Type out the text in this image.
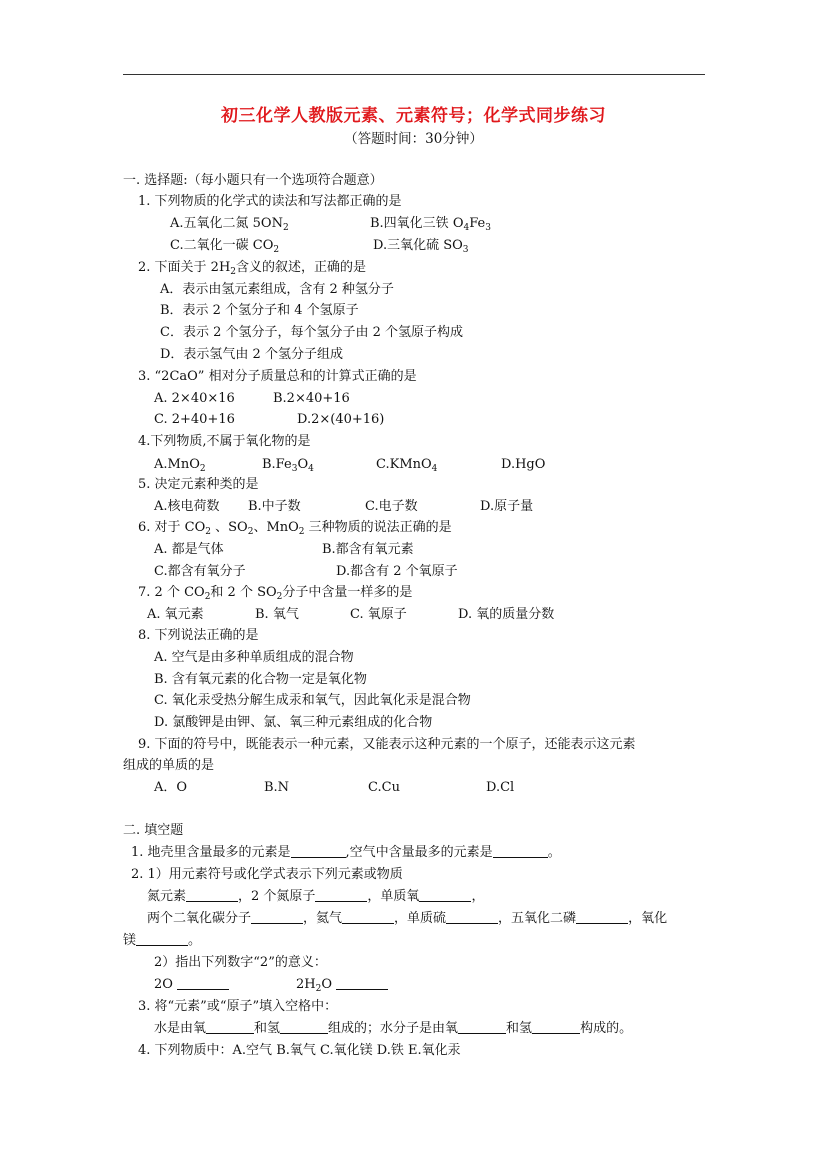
初三化学人教版元素、元素符号；化学式同步练习
（答题时间：30分钟）
一. 选择题:（每小题只有一个选项符合题意）
1. 下列物质的化学式的读法和写法都正确的是
A.五氧化二氮 $5ON_2$	B.四氧化三铁 $O_4Fe_3$
C.二氧化一碳 $CO_2$	D.三氧化硫 $SO_3$
2. 下面关于 $2H_2$含义的叙述，正确的是
A．表示由氢元素组成，含有 2 种氢分子
B．表示 2 个氢分子和 4 个氢原子
C．表示 2 个氢分子，每个氢分子由 2 个氢原子构成
D．表示氢气由 2 个氢分子组成
3. “2CaO” 相对分子质量总和的计算式正确的是
A. 2×40×16	B.2×40+16
C. 2+40+16	D.2×(40+16)
4.下列物质,不属于氧化物的是
A.MnO$_2$	$B.Fe_3O_4$	C.KMnO$_4$	D.HgO
5. 决定元素种类的是
A.核电荷数 B.中子数	C.电子数	D.原子量
6. 对于 $CO_2$ 、$SO_2$、MnO$_2$ 三种物质的说法正确的是
A. 都是气体	B.都含有氧元素
C.都含有氧分子	D.都含有 2 个氧原子
7. 2 个 $CO_2$和 2 个 $SO_2$分子中含量一样多的是
A. 氧元素	B. 氧气	C. 氧原子	D. 氧的质量分数
8. 下列说法正确的是
A. 空气是由多种单质组成的混合物
B. 含有氧元素的化合物一定是氧化物
C. 氧化汞受热分解生成汞和氧气，因此氧化汞是混合物
D. 氯酸钾是由钾、氯、氧三种元素组成的化合物
9. 下面的符号中，既能表示一种元素，又能表示这种元素的一个原子，还能表示这元素
组成的单质的是
A．O	B.N	C.Cu	D.Cl
二. 填空题
1. 地壳里含量最多的元素是	,空气中含量最多的元素是	。
2. 1）用元素符号或化学式表示下列元素或物质
氮元素	，2 个氮原子	，单质氧	，
两个二氧化碳分子	，氦气	，单质硫	，五氧化二磷	，氧化
镁	。
2）指出下列数字“2”的意义：
2O	$2H_2O$
3. 将“元素”或“原子”填入空格中：
水是由氧	和氢	组成的；水分子是由氧	和氢	构成的。
4. 下列物质中：A.空气 B.氧气 C.氧化镁 D.铁 E.氧化汞
